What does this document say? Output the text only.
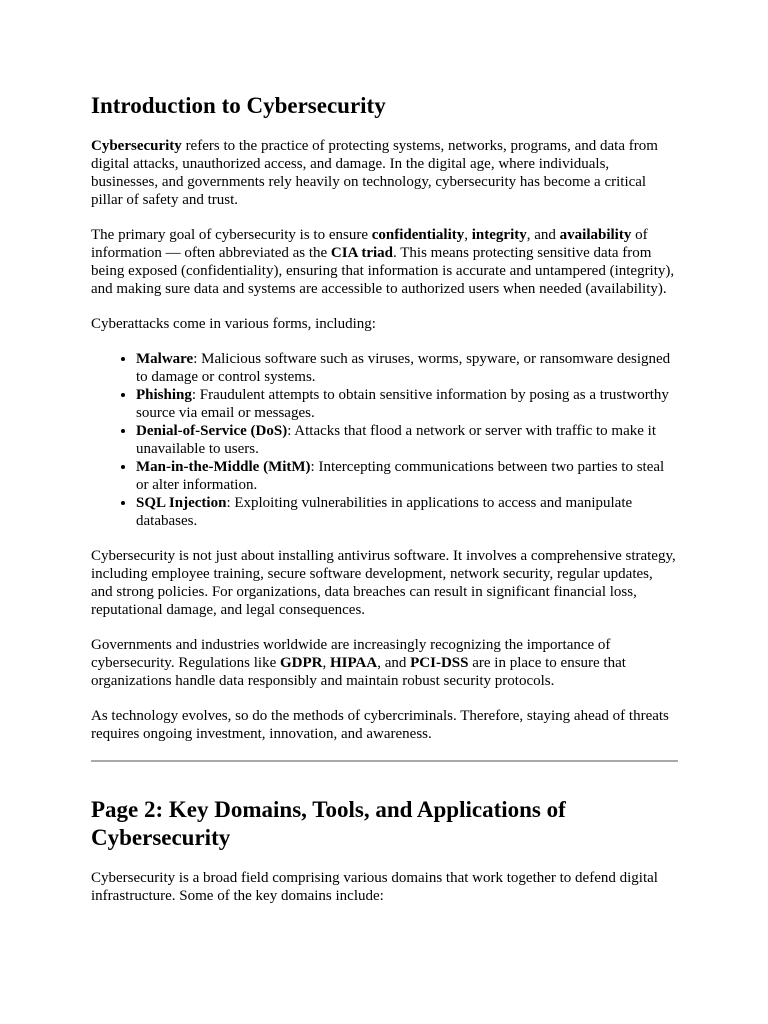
Introduction to Cybersecurity

Cybersecurity refers to the practice of protecting systems, networks, programs, and data from digital attacks, unauthorized access, and damage. In the digital age, where individuals, businesses, and governments rely heavily on technology, cybersecurity has become a critical pillar of safety and trust.

The primary goal of cybersecurity is to ensure confidentiality, integrity, and availability of information — often abbreviated as the CIA triad. This means protecting sensitive data from being exposed (confidentiality), ensuring that information is accurate and untampered (integrity), and making sure data and systems are accessible to authorized users when needed (availability).

Cyberattacks come in various forms, including:

• Malware: Malicious software such as viruses, worms, spyware, or ransomware designed to damage or control systems.
• Phishing: Fraudulent attempts to obtain sensitive information by posing as a trustworthy source via email or messages.
• Denial-of-Service (DoS): Attacks that flood a network or server with traffic to make it unavailable to users.
• Man-in-the-Middle (MitM): Intercepting communications between two parties to steal or alter information.
• SQL Injection: Exploiting vulnerabilities in applications to access and manipulate databases.

Cybersecurity is not just about installing antivirus software. It involves a comprehensive strategy, including employee training, secure software development, network security, regular updates, and strong policies. For organizations, data breaches can result in significant financial loss, reputational damage, and legal consequences.

Governments and industries worldwide are increasingly recognizing the importance of cybersecurity. Regulations like GDPR, HIPAA, and PCI-DSS are in place to ensure that organizations handle data responsibly and maintain robust security protocols.

As technology evolves, so do the methods of cybercriminals. Therefore, staying ahead of threats requires ongoing investment, innovation, and awareness.

Page 2: Key Domains, Tools, and Applications of Cybersecurity

Cybersecurity is a broad field comprising various domains that work together to defend digital infrastructure. Some of the key domains include:
